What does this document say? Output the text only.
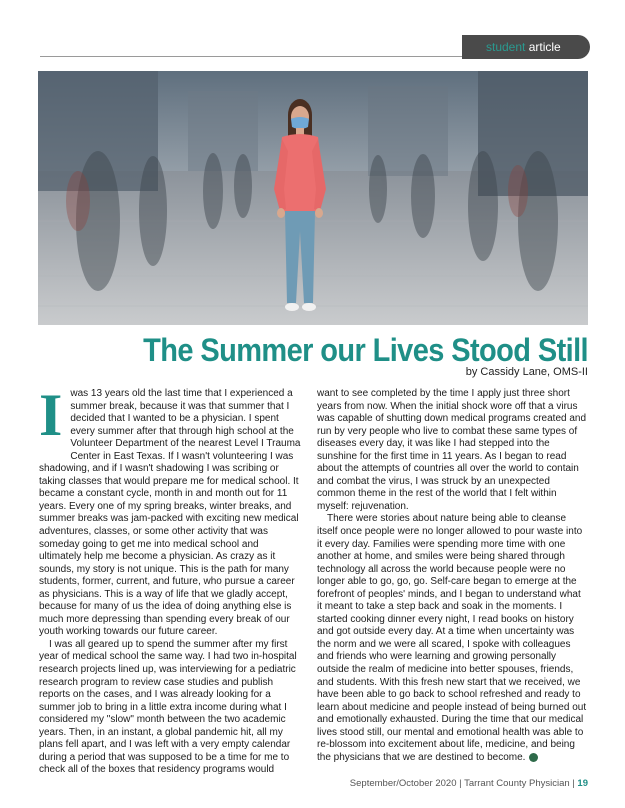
student article
The Summer our Lives Stood Still
by Cassidy Lane, OMS-II

Iwas 13 years old the last time that I experienced a summer break, because it was that summer that I decided that I wanted to be a physician. I spent every summer after that through high school at the Volunteer Department of the nearest Level I Trauma Center in East Texas. If I wasn't volunteering I was shadowing, and if I wasn't shadowing I was scribing or taking classes that would prepare me for medical school. It became a constant cycle, month in and month out for 11 years. Every one of my spring breaks, winter breaks, and summer breaks was jam-packed with exciting new medical adventures, classes, or some other activity that was someday going to get me into medical school and ultimately help me become a physician. As crazy as it sounds, my story is not unique. This is the path for many students, former, current, and future, who pursue a career as physicians. This is a way of life that we gladly accept, because for many of us the idea of doing anything else is much more depressing than spending every break of our youth working towards our future career.

I was all geared up to spend the summer after my first year of medical school the same way. I had two in-hospital research projects lined up, was interviewing for a pediatric research program to review case studies and publish reports on the cases, and I was already looking for a summer job to bring in a little extra income during what I considered my "slow" month between the two academic years. Then, in an instant, a global pandemic hit, all my plans fell apart, and I was left with a very empty calendar during a period that was supposed to be a time for me to check all of the boxes that residency programs would

want to see completed by the time I apply just three short years from now. When the initial shock wore off that a virus was capable of shutting down medical programs created and run by very people who live to combat these same types of diseases every day, it was like I had stepped into the sunshine for the first time in 11 years. As I began to read about the attempts of countries all over the world to contain and combat the virus, I was struck by an unexpected common theme in the rest of the world that I felt within myself: rejuvenation.

There were stories about nature being able to cleanse itself once people were no longer allowed to pour waste into it every day. Families were spending more time with one another at home, and smiles were being shared through technology all across the world because people were no longer able to go, go, go. Self-care began to emerge at the forefront of peoples' minds, and I began to understand what it meant to take a step back and soak in the moments. I started cooking dinner every night, I read books on history and got outside every day. At a time when uncertainty was the norm and we were all scared, I spoke with colleagues and friends who were learning and growing personally outside the realm of medicine into better spouses, friends, and students. With this fresh new start that we received, we have been able to go back to school refreshed and ready to learn about medicine and people instead of being burned out and emotionally exhausted. During the time that our medical lives stood still, our mental and emotional health was able to re-blossom into excitement about life, medicine, and being the physicians that we are destined to become.

September/October 2020 | Tarrant County Physician | 19
